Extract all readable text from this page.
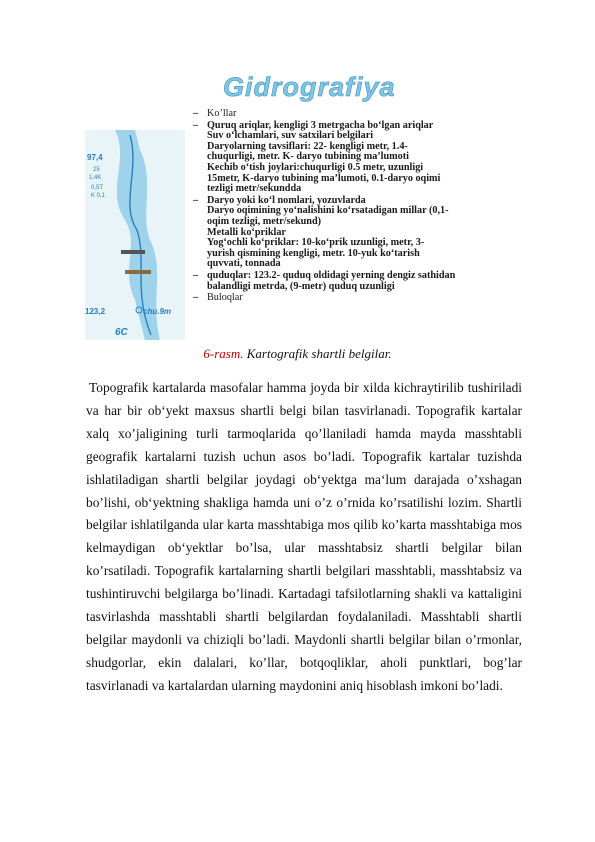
Gidrografiya
97,4
25
1,4K
0,5T
K 0,1
123,2	chu.9m
6C
– Ko’llar
– Quruq ariqlar, kengligi 3 metrgacha bo‘lgan ariqlar
Suv o‘lchamlari, suv satxilari belgilari
Daryolarning tavsiflari: 22- kengligi metr, 1.4-
chuqurligi, metr. K- daryo tubining ma’lumoti
Kechib o‘tish joylari:chuqurligi 0.5 metr, uzunligi
15metr, K-daryo tubining ma’lumoti, 0.1-daryo oqimi
tezligi metr/sekundda
– Daryo yoki ko‘l nomlari, yozuvlarda
Daryo oqimining yo‘nalishini ko‘rsatadigan millar (0,1-
oqim tezligi, metr/sekund)
Metalli ko‘priklar
Yog‘ochli ko‘priklar: 10-ko‘prik uzunligi, metr, 3-
yurish qismining kengligi, metr. 10-yuk ko‘tarish
quvvati, tonnada
– quduqlar: 123.2- quduq oldidagi yerning dengiz sathidan
balandligi metrda, (9-metr) quduq uzunligi
– Buloqlar
6-rasm. Kartografik shartli belgilar.

Topografik kartalarda masofalar hamma joyda bir xilda kichraytirilib tushiriladi va har bir ob‘yekt maxsus shartli belgi bilan tasvirlanadi. Topografik kartalar xalq xo’jaligining turli tarmoqlarida qo’llaniladi hamda mayda masshtabli geografik kartalarni tuzish uchun asos bo’ladi. Topografik kartalar tuzishda ishlatiladigan shartli belgilar joydagi ob‘yektga ma‘lum darajada o’xshagan bo’lishi, ob‘yektning shakliga hamda uni o’z o’rnida ko’rsatilishi lozim. Shartli belgilar ishlatilganda ular karta masshtabiga mos qilib ko’karta masshtabiga mos kelmaydigan ob‘yektlar bo’lsa, ular masshtabsiz shartli belgilar bilan ko’rsatiladi. Topografik kartalarning shartli belgilari masshtabli, masshtabsiz va tushintiruvchi belgilarga bo’linadi. Kartadagi tafsilotlarning shakli va kattaligini tasvirlashda masshtabli shartli belgilardan foydalaniladi. Masshtabli shartli belgilar maydonli va chiziqli bo’ladi. Maydonli shartli belgilar bilan o’rmonlar, shudgorlar, ekin dalalari, ko’llar, botqoqliklar, aholi punktlari, bog’lar tasvirlanadi va kartalardan ularning maydonini aniq hisoblash imkoni bo’ladi.
